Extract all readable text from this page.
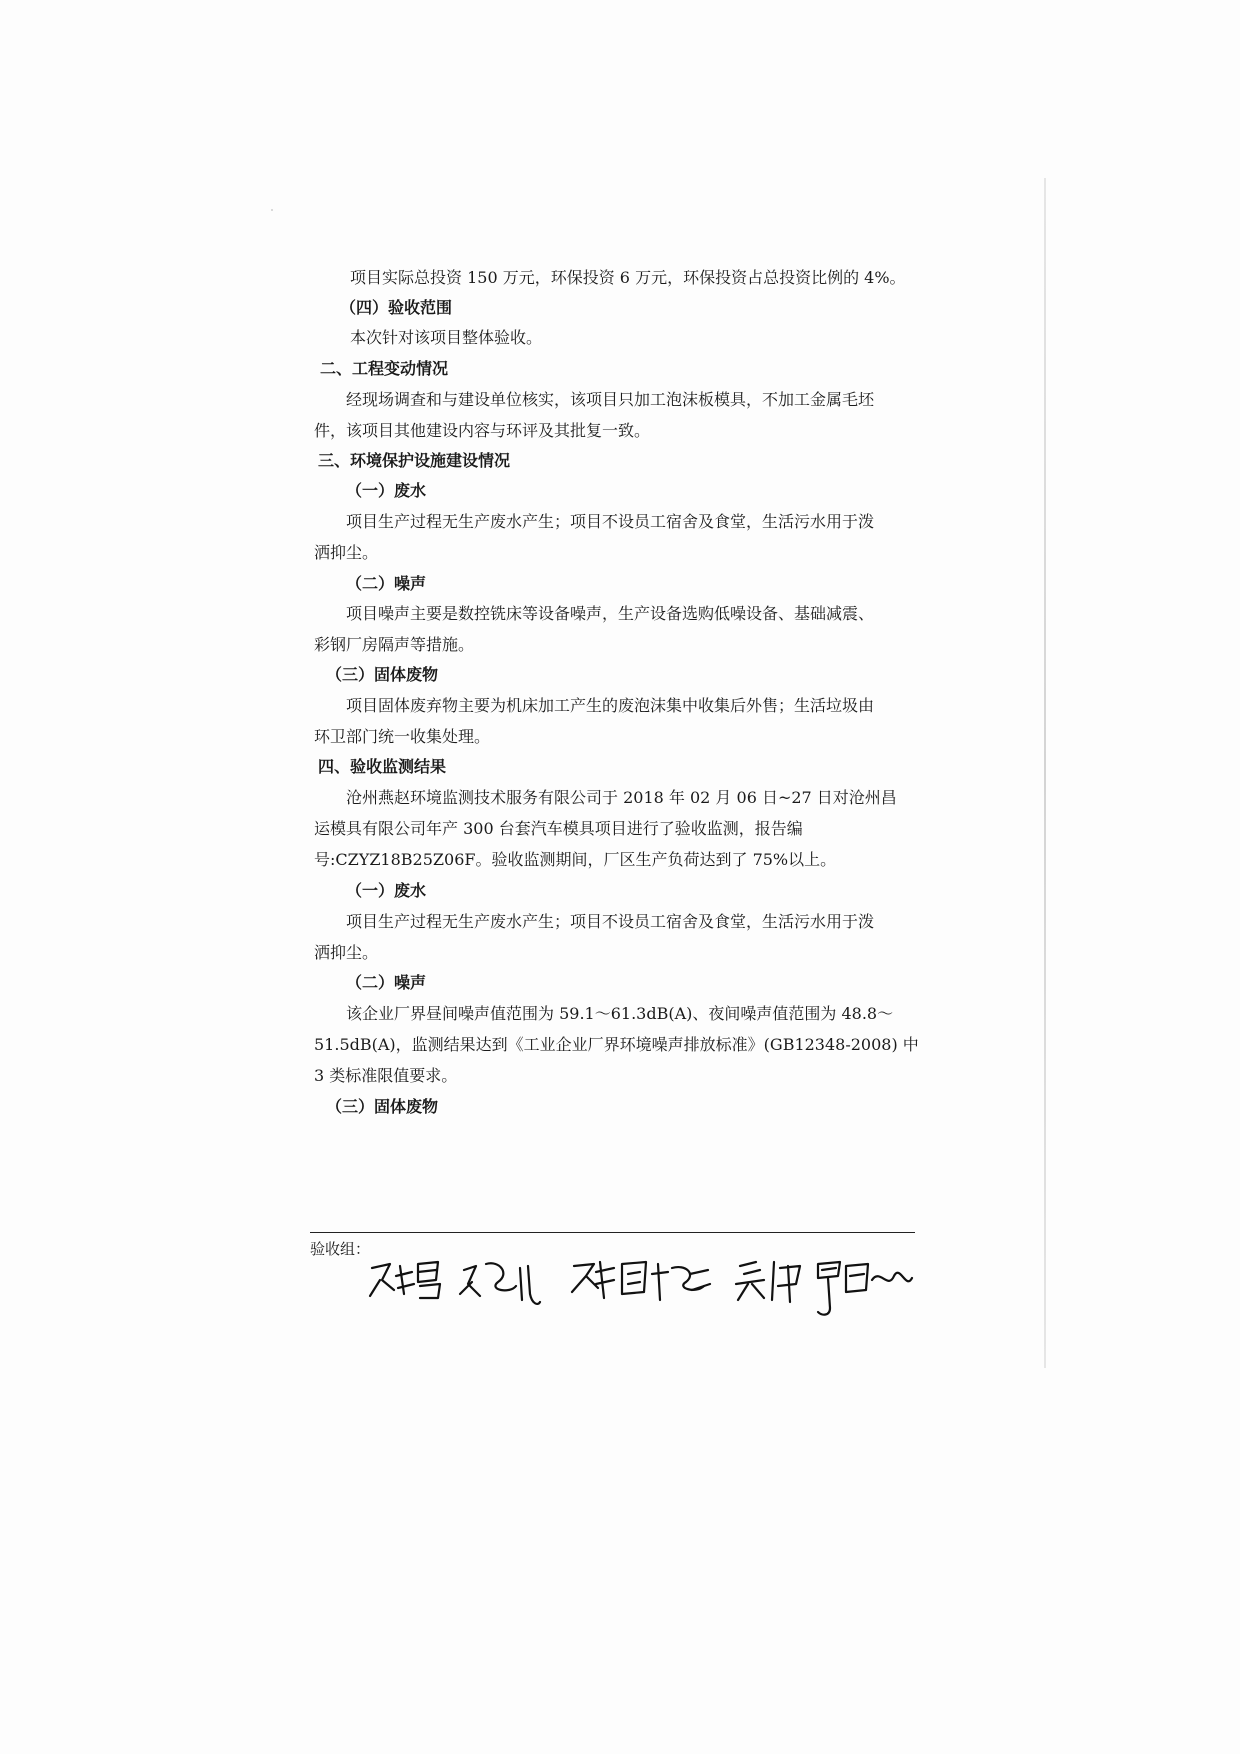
项目实际总投资 150 万元，环保投资 6 万元，环保投资占总投资比例的 4%。
（四）验收范围
本次针对该项目整体验收。
二、工程变动情况
经现场调查和与建设单位核实，该项目只加工泡沫板模具，不加工金属毛坯
件，该项目其他建设内容与环评及其批复一致。
三、环境保护设施建设情况
（一）废水
项目生产过程无生产废水产生；项目不设员工宿舍及食堂，生活污水用于泼
洒抑尘。
（二）噪声
项目噪声主要是数控铣床等设备噪声，生产设备选购低噪设备、基础减震、
彩钢厂房隔声等措施。
（三）固体废物
项目固体废弃物主要为机床加工产生的废泡沫集中收集后外售；生活垃圾由
环卫部门统一收集处理。
四、验收监测结果
沧州燕赵环境监测技术服务有限公司于 2018 年 02 月 06 日~27 日对沧州昌
运模具有限公司年产 300 台套汽车模具项目进行了验收监测，报告编
号:CZYZ18B25Z06F。验收监测期间，厂区生产负荷达到了 75%以上。
（一）废水
项目生产过程无生产废水产生；项目不设员工宿舍及食堂，生活污水用于泼
洒抑尘。
（二）噪声
该企业厂界昼间噪声值范围为 59.1～61.3dB(A)、夜间噪声值范围为 48.8～
51.5dB(A)，监测结果达到《工业企业厂界环境噪声排放标准》(GB12348-2008) 中
3 类标准限值要求。
（三）固体废物
验收组：
